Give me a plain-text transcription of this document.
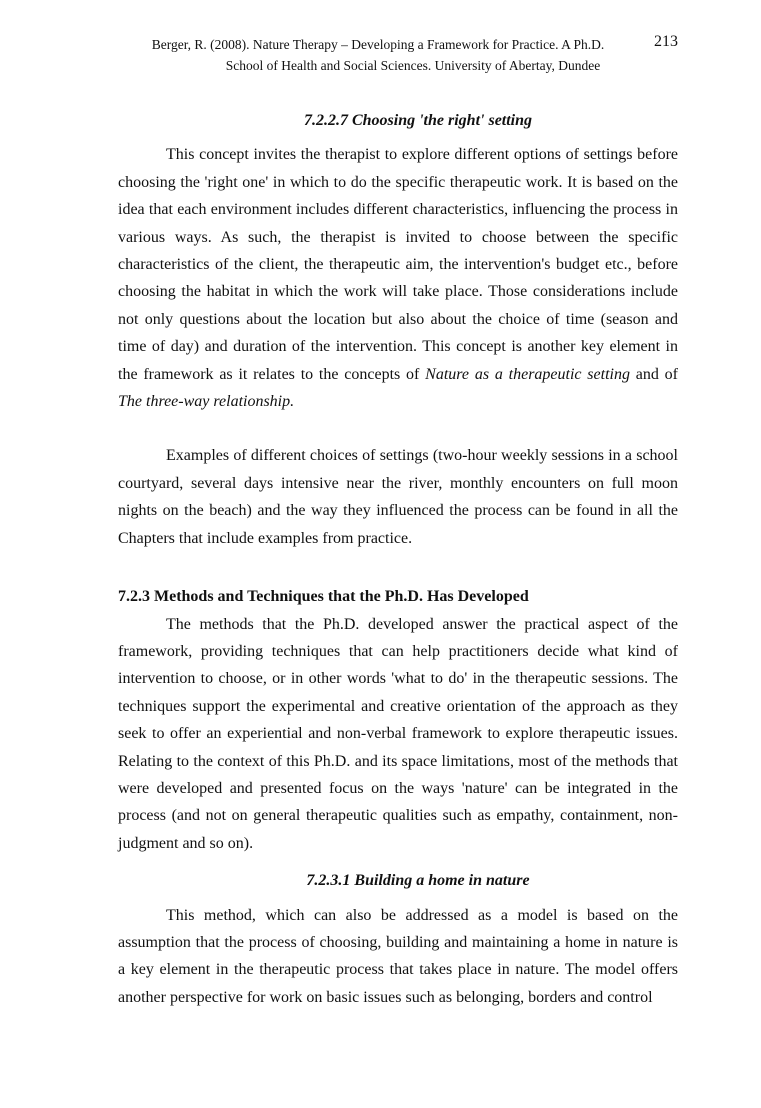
Berger, R. (2008). Nature Therapy – Developing a Framework for Practice. A Ph.D.	213
School of Health and Social Sciences. University of Abertay, Dundee
7.2.2.7 Choosing 'the right' setting

This concept invites the therapist to explore different options of settings before choosing the 'right one' in which to do the specific therapeutic work. It is based on the idea that each environment includes different characteristics, influencing the process in various ways. As such, the therapist is invited to choose between the specific characteristics of the client, the therapeutic aim, the intervention's budget etc., before choosing the habitat in which the work will take place. Those considerations include not only questions about the location but also about the choice of time (season and time of day) and duration of the intervention. This concept is another key element in the framework as it relates to the concepts of Nature as a therapeutic setting and of The three-way relationship.

Examples of different choices of settings (two-hour weekly sessions in a school courtyard, several days intensive near the river, monthly encounters on full moon nights on the beach) and the way they influenced the process can be found in all the Chapters that include examples from practice.

7.2.3 Methods and Techniques that the Ph.D. Has Developed

The methods that the Ph.D. developed answer the practical aspect of the framework, providing techniques that can help practitioners decide what kind of intervention to choose, or in other words 'what to do' in the therapeutic sessions. The techniques support the experimental and creative orientation of the approach as they seek to offer an experiential and non-verbal framework to explore therapeutic issues. Relating to the context of this Ph.D. and its space limitations, most of the methods that were developed and presented focus on the ways 'nature' can be integrated in the process (and not on general therapeutic qualities such as empathy, containment, non-judgment and so on).

7.2.3.1 Building a home in nature

This method, which can also be addressed as a model is based on the assumption that the process of choosing, building and maintaining a home in nature is a key element in the therapeutic process that takes place in nature. The model offers another perspective for work on basic issues such as belonging, borders and control
